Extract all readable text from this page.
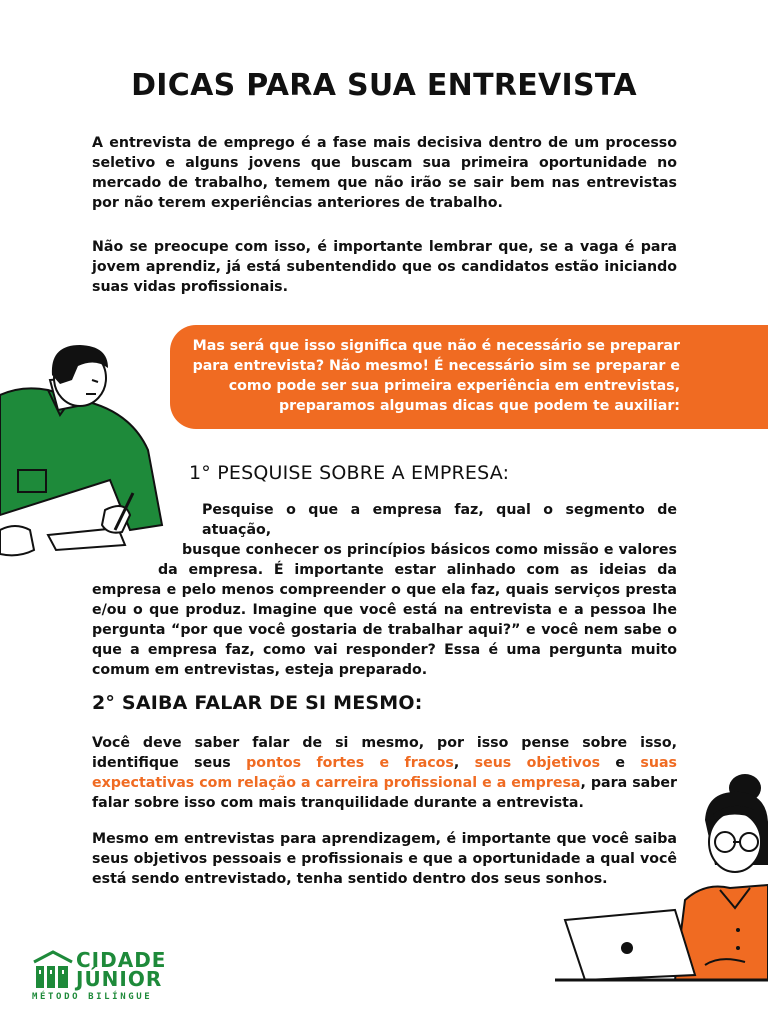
DICAS PARA SUA ENTREVISTA

A entrevista de emprego é a fase mais decisiva dentro de um processo seletivo e alguns jovens que buscam sua primeira oportunidade no mercado de trabalho, temem que não irão se sair bem nas entrevistas por não terem experiências anteriores de trabalho.

Não se preocupe com isso, é importante lembrar que, se a vaga é para jovem aprendiz, já está subentendido que os candidatos estão iniciando suas vidas profissionais.

Mas será que isso significa que não é necessário se preparar
para entrevista? Não mesmo! É necessário sim se preparar e
como pode ser sua primeira experiência em entrevistas,
preparamos algumas dicas que podem te auxiliar:

1° PESQUISE SOBRE A EMPRESA:
Pesquise o que a empresa faz, qual o segmento de atuação,
busque conhecer os princípios básicos como missão e valores
da empresa. É importante estar alinhado com as ideias da
empresa e pelo menos compreender o que ela faz, quais serviços presta e/ou o que produz. Imagine que você está na entrevista e a pessoa lhe pergunta “por que você gostaria de trabalhar aqui?” e você nem sabe o que a empresa faz, como vai responder? Essa é uma pergunta muito comum em entrevistas, esteja preparado.
2° SAIBA FALAR DE SI MESMO:

Você deve saber falar de si mesmo, por isso pense sobre isso, identifique seus pontos fortes e fracos, seus objetivos e suas expectativas com relação a carreira profissional e a empresa, para saber falar sobre isso com mais tranquilidade durante a entrevista.

Mesmo em entrevistas para aprendizagem, é importante que você saiba seus objetivos pessoais e profissionais e que a oportunidade a qual você está sendo entrevistado, tenha sentido dentro dos seus sonhos.

CIDADE
JÚNIOR
MÉTODO BILÍNGUE
